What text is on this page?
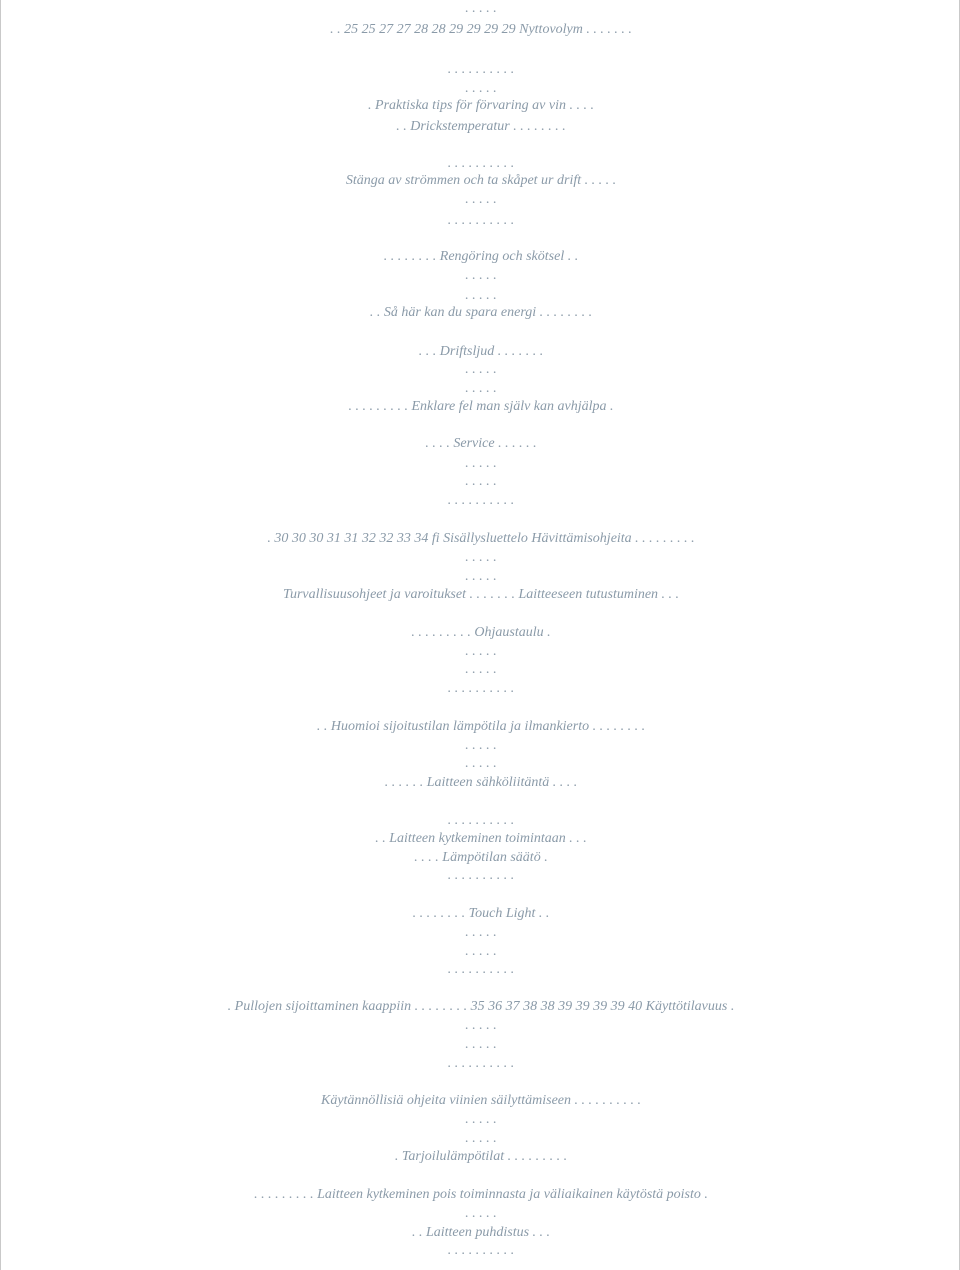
. . . . .
. . 25 25 27 27 28 28 29 29 29 29 Nyttovolym . . . . . . .
. . . . . . . . . .
. . . . .
. Praktiska tips för förvaring av vin . . . .
. . Drickstemperatur . . . . . . . .
. . . . . . . . . .
Stänga av strömmen och ta skåpet ur drift . . . . .
. . . . .
. . . . . . . . . .
. . . . . . . . Rengöring och skötsel . .
. . . . .
. . . . .
. . Så här kan du spara energi . . . . . . . .
. . . Driftsljud . . . . . . .
. . . . .
. . . . .
. . . . . . . . . Enklare fel man själv kan avhjälpa .
. . . . Service . . . . . .
. . . . .
. . . . .
. . . . . . . . . .
. 30 30 30 31 31 32 32 33 34 fi Sisällysluettelo Hävittämisohjeita . . . . . . . . .
. . . . .
. . . . .
Turvallisuusohjeet ja varoitukset . . . . . . . Laitteeseen tutustuminen . . .
. . . . . . . . . Ohjaustaulu .
. . . . .
. . . . .
. . . . . . . . . .
. . Huomioi sijoitustilan lämpötila ja ilmankierto . . . . . . . .
. . . . .
. . . . .
. . . . . . Laitteen sähköliitäntä . . . .
. . . . . . . . . .
. . Laitteen kytkeminen toimintaan . . .
. . . . Lämpötilan säätö .
. . . . . . . . . .
. . . . . . . . Touch Light . .
. . . . .
. . . . .
. . . . . . . . . .
. Pullojen sijoittaminen kaappiin . . . . . . . . 35 36 37 38 38 39 39 39 39 40 Käyttötilavuus .
. . . . .
. . . . .
. . . . . . . . . .
Käytännöllisiä ohjeita viinien säilyttämiseen . . . . . . . . . .
. . . . .
. . . . .
. Tarjoilulämpötilat . . . . . . . . .
. . . . . . . . . Laitteen kytkeminen pois toiminnasta ja väliaikainen käytöstä poisto .
. . . . .
. . Laitteen puhdistus . . .
. . . . . . . . . .
